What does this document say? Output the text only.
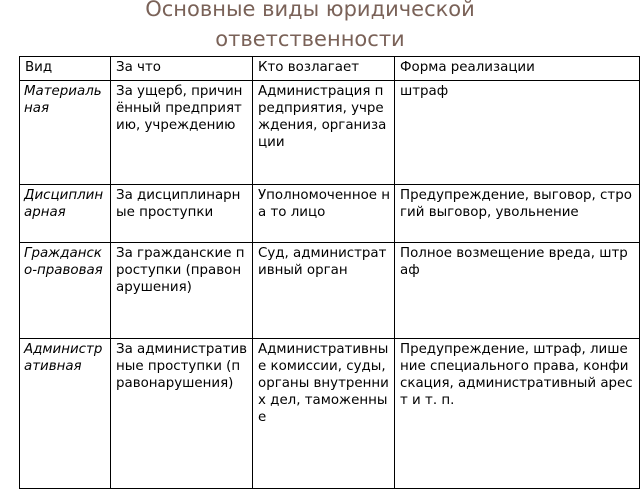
Основные виды юридической
ответственности
Вид	За что	Кто возлагает	Форма реализации
Материальная	За ущерб, причинённый предприятию, учреждению	Администрация предприятия, учреждения, организации	штраф
Дисциплинарная	За дисциплинарные проступки	Уполномоченное на то лицо	Предупреждение, выговор, строгий выговор, увольнение
Гражданско-правовая	За гражданские проступки (правонарушения)	Суд, административный орган	Полное возмещение вреда, штраф
Административная	За административные проступки (правонарушения)	Административные комиссии, суды, органы внутренних дел, таможенные	Предупреждение, штраф, лишение специального права, конфискация, административный арест и т. п.
